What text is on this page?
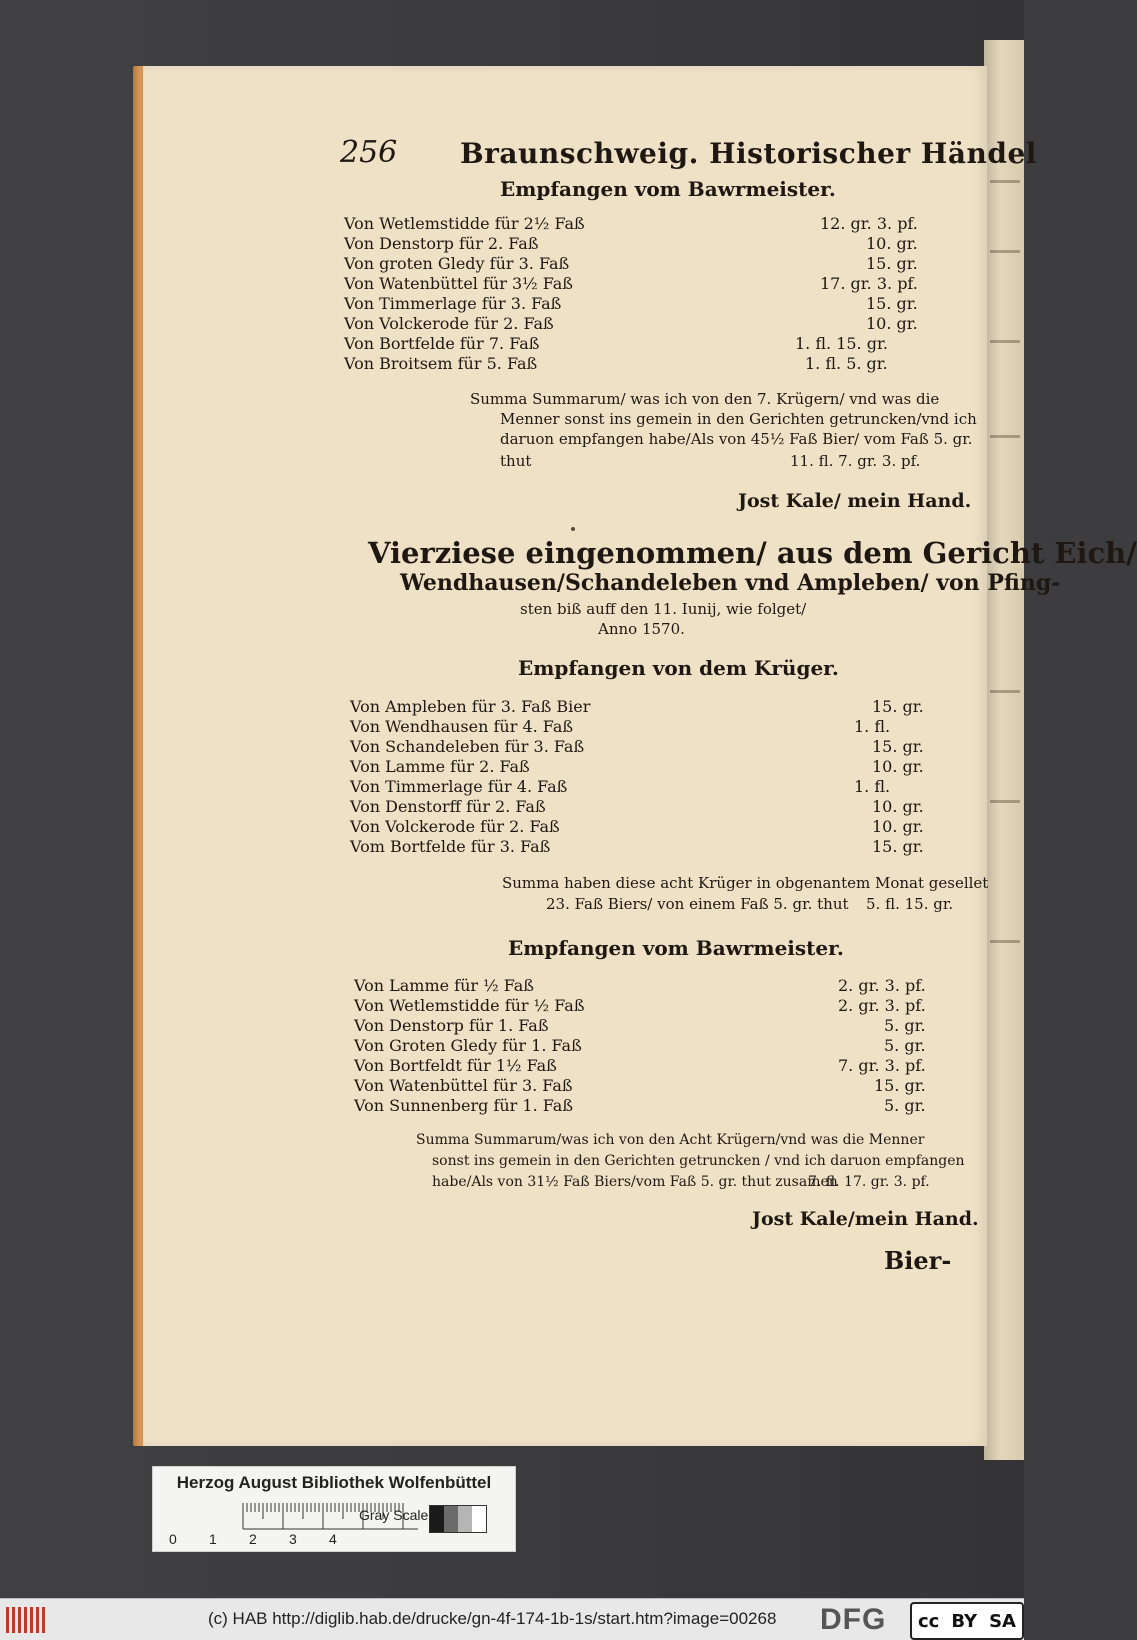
256 Braunschweig. Historischer Händel
Empfangen vom Bawrmeister.
Von Wetlemstidde für 2½ Faß	12. gr. 3. pf.
Von Denstorp für 2. Faß	10. gr.
Von groten Gledy für 3. Faß	15. gr.
Von Watenbüttel für 3½ Faß	17. gr. 3. pf.
Von Timmerlage für 3. Faß	15. gr.
Von Volckerode für 2. Faß	10. gr.
Von Bortfelde für 7. Faß	1. fl. 15. gr.
Von Broitsem für 5. Faß	1. fl. 5. gr.
Summa Summarum/ was ich von den 7. Krügern/ vnd was die
Menner sonst ins gemein in den Gerichten getruncken/vnd ich
daruon empfangen habe/Als von 45½ Faß Bier/ vom Faß 5. gr.
thut	11. fl. 7. gr. 3. pf.
Jost Kale/ mein Hand.
Vierziese eingenommen/ aus dem Gericht Eich/
Wendhausen/Schandeleben vnd Ampleben/ von Pfing-
sten biß auff den 11. Iunij, wie folget/
Anno 1570.
Empfangen von dem Krüger.
Von Ampleben für 3. Faß Bier	15. gr.
Von Wendhausen für 4. Faß	1. fl.
Von Schandeleben für 3. Faß	15. gr.
Von Lamme für 2. Faß	10. gr.
Von Timmerlage für 4. Faß	1. fl.
Von Denstorff für 2. Faß	10. gr.
Von Volckerode für 2. Faß	10. gr.
Vom Bortfelde für 3. Faß	15. gr.
Summa haben diese acht Krüger in obgenantem Monat gesellet
23. Faß Biers/ von einem Faß 5. gr. thut 5. fl. 15. gr.
Empfangen vom Bawrmeister.
Von Lamme für ½ Faß	2. gr. 3. pf.
Von Wetlemstidde für ½ Faß	2. gr. 3. pf.
Von Denstorp für 1. Faß	5. gr.
Von Groten Gledy für 1. Faß	5. gr.
Von Bortfeldt für 1½ Faß	7. gr. 3. pf.
Von Watenbüttel für 3. Faß	15. gr.
Von Sunnenberg für 1. Faß	5. gr.
Summa Summarum/was ich von den Acht Krügern/vnd was die Menner
sonst ins gemein in den Gerichten getruncken / vnd ich daruon empfangen
habe/Als von 31½ Faß Biers/vom Faß 5. gr. thut zusamen
7. fl. 17. gr. 3. pf.
Jost Kale/mein Hand.
Bier-
Herzog August Bibliothek Wolfenbüttel
Gray Scale
0 1 2 3 4
(c) HAB http://diglib.hab.de/drucke/gn-4f-174-1b-1s/start.htm?image=00268 DFG cc BY SA
